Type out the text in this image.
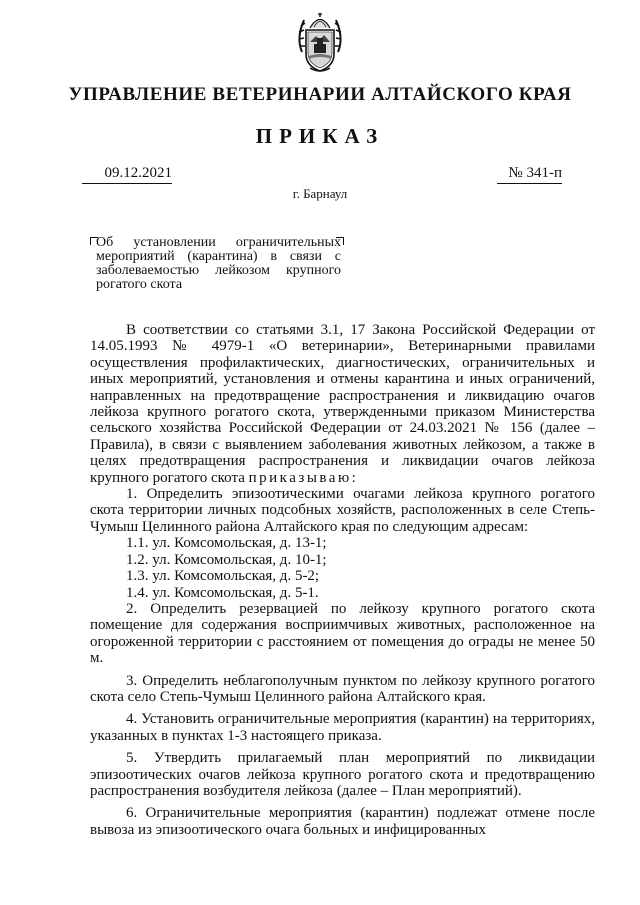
УПРАВЛЕНИЕ ВЕТЕРИНАРИИ АЛТАЙСКОГО КРАЯ
ПРИКАЗ
09.12.2021	№ 341-п
г. Барнаул
Об установлении ограничительных мероприятий (карантина) в связи с заболеваемостью лейкозом крупного рогатого скота

В соответствии со статьями 3.1, 17 Закона Российской Федерации от 14.05.1993 № 4979-1 «О ветеринарии», Ветеринарными правилами осуществления профилактических, диагностических, ограничительных и иных мероприятий, установления и отмены карантина и иных ограничений, направленных на предотвращение распространения и ликвидацию очагов лейкоза крупного рогатого скота, утвержденными приказом Министерства сельского хозяйства Российской Федерации от 24.03.2021 № 156 (далее – Правила), в связи с выявлением заболевания животных лейкозом, а также в целях предотвращения распространения и ликвидации очагов лейкоза крупного рогатого скота приказываю:

1. Определить эпизоотическими очагами лейкоза крупного рогатого скота территории личных подсобных хозяйств, расположенных в селе Степь-Чумыш Целинного района Алтайского края по следующим адресам:

1.1. ул. Комсомольская, д. 13-1;

1.2. ул. Комсомольская, д. 10-1;

1.3. ул. Комсомольская, д. 5-2;

1.4. ул. Комсомольская, д. 5-1.

2. Определить резервацией по лейкозу крупного рогатого скота помещение для содержания восприимчивых животных, расположенное на огороженной территории с расстоянием от помещения до ограды не менее 50 м.

3. Определить неблагополучным пунктом по лейкозу крупного рогатого скота село Степь-Чумыш Целинного района Алтайского края.

4. Установить ограничительные мероприятия (карантин) на территориях, указанных в пунктах 1-3 настоящего приказа.

5. Утвердить прилагаемый план мероприятий по ликвидации эпизоотических очагов лейкоза крупного рогатого скота и предотвращению распространения возбудителя лейкоза (далее – План мероприятий).

6. Ограничительные мероприятия (карантин) подлежат отмене после вывоза из эпизоотического очага больных и инфицированных
